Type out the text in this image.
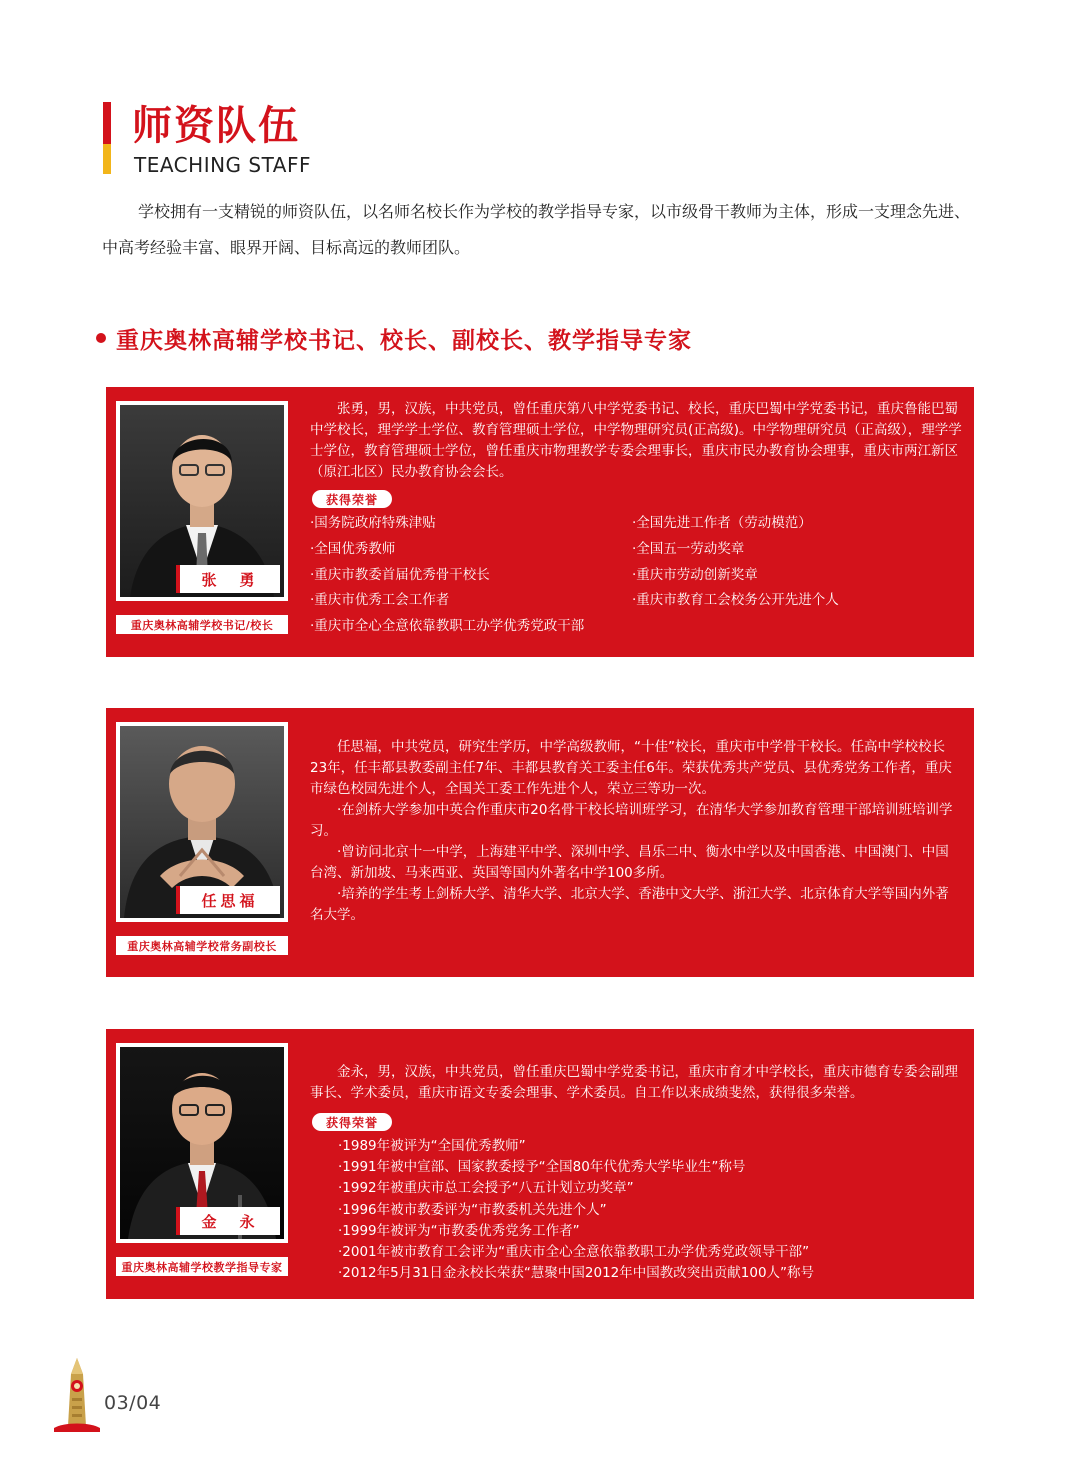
师资队伍
TEACHING STAFF

学校拥有一支精锐的师资队伍，以名师名校长作为学校的教学指导专家，以市级骨干教师为主体，形成一支理念先进、中高考经验丰富、眼界开阔、目标高远的教师团队。

重庆奥林高辅学校书记、校长、副校长、教学指导专家
张　勇
重庆奥林高辅学校书记/校长

张勇，男，汉族，中共党员，曾任重庆第八中学党委书记、校长，重庆巴蜀中学党委书记，重庆鲁能巴蜀中学校长，理学学士学位、教育管理硕士学位，中学物理研究员(正高级)。中学物理研究员（正高级），理学学士学位，教育管理硕士学位，曾任重庆市物理教学专委会理事长，重庆市民办教育协会理事，重庆市两江新区（原江北区）民办教育协会会长。

获得荣誉
·国务院政府特殊津贴	·全国先进工作者（劳动模范）
·全国优秀教师	·全国五一劳动奖章
·重庆市教委首届优秀骨干校长	·重庆市劳动创新奖章
·重庆市优秀工会工作者	·重庆市教育工会校务公开先进个人
·重庆市全心全意依靠教职工办学优秀党政干部
任思福
重庆奥林高辅学校常务副校长

任思福，中共党员，研究生学历，中学高级教师，“十佳”校长，重庆市中学骨干校长。任高中学校校长23年，任丰都县教委副主任7年、丰都县教育关工委主任6年。荣获优秀共产党员、县优秀党务工作者，重庆市绿色校园先进个人，全国关工委工作先进个人，荣立三等功一次。

·在剑桥大学参加中英合作重庆市20名骨干校长培训班学习，在清华大学参加教育管理干部培训班培训学习。

·曾访问北京十一中学，上海建平中学、深圳中学、昌乐二中、衡水中学以及中国香港、中国澳门、中国台湾、新加坡、马来西亚、英国等国内外著名中学100多所。

·培养的学生考上剑桥大学、清华大学、北京大学、香港中文大学、浙江大学、北京体育大学等国内外著名大学。

金　永
重庆奥林高辅学校教学指导专家

金永，男，汉族，中共党员，曾任重庆巴蜀中学党委书记，重庆市育才中学校长，重庆市德育专委会副理事长、学术委员，重庆市语文专委会理事、学术委员。自工作以来成绩斐然，获得很多荣誉。

获得荣誉
·1989年被评为“全国优秀教师”
·1991年被中宣部、国家教委授予“全国80年代优秀大学毕业生”称号
·1992年被重庆市总工会授予“八五计划立功奖章”
·1996年被市教委评为“市教委机关先进个人”
·1999年被评为“市教委优秀党务工作者”
·2001年被市教育工会评为“重庆市全心全意依靠教职工办学优秀党政领导干部”
·2012年5月31日金永校长荣获“慧聚中国2012年中国教改突出贡献100人”称号
03/04
